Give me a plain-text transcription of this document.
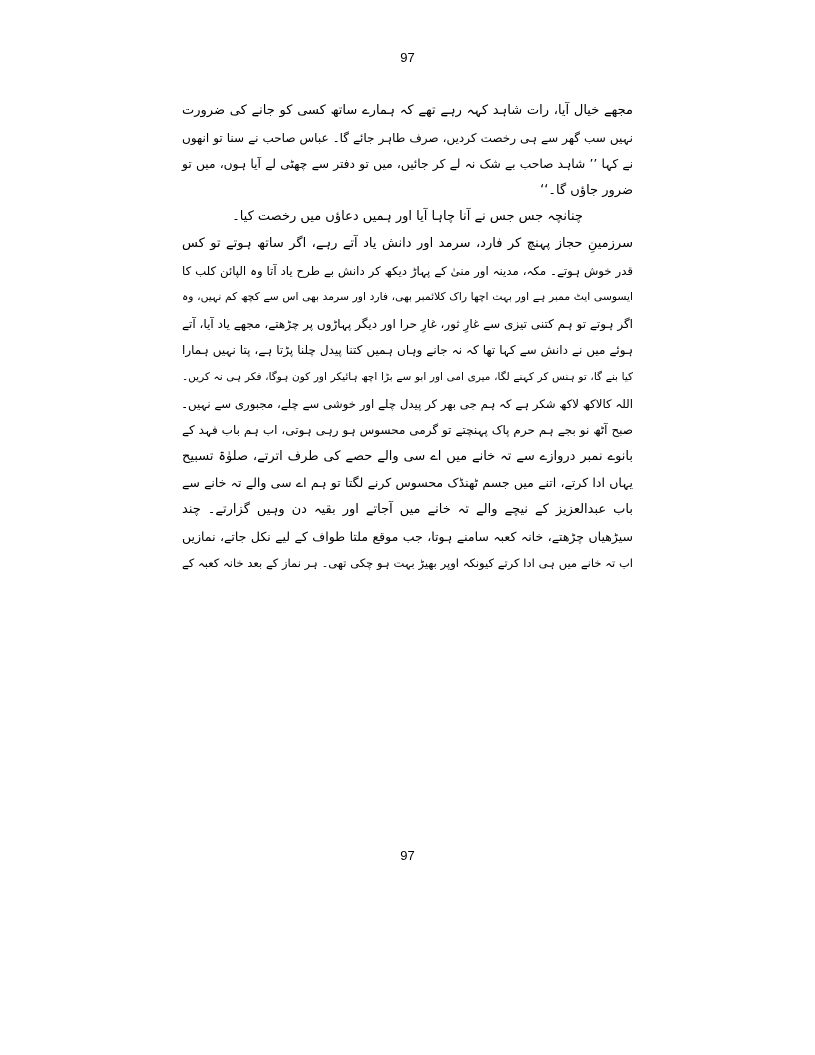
97
مجھے خیال آیا، رات شاہد کہہ رہے تھے کہ ہمارے ساتھ کسی کو جانے کی ضرورت
نہیں سب گھر سے ہی رخصت کردیں، صرف طاہر جائے گا۔ عباس صاحب نے سنا تو انھوں
نے کہا ’’ شاہد صاحب بے شک نہ لے کر جائیں، میں تو دفتر سے چھٹی لے آیا ہوں، میں تو
ضرور جاؤں گا۔‘‘
چنانچہ جس جس نے آنا چاہا آیا اور ہمیں دعاؤں میں رخصت کیا۔
سرزمینِ حجاز پہنچ کر فارد، سرمد اور دانش یاد آتے رہے، اگر ساتھ ہوتے تو کس
قدر خوش ہوتے۔ مکہ، مدینہ اور منیٰ کے پہاڑ دیکھ کر دانش بے طرح یاد آتا وہ الپائن کلب کا
ایسوسی ایٹ ممبر ہے اور بہت اچھا راک کلائمبر بھی، فارد اور سرمد بھی اس سے کچھ کم نہیں، وہ
اگر ہوتے تو ہم کتنی تیزی سے غارِ ثور، غارِ حرا اور دیگر پہاڑوں پر چڑھتے، مجھے یاد آیا، آتے
ہوئے میں نے دانش سے کہا تھا کہ نہ جانے وہاں ہمیں کتنا پیدل چلنا پڑتا ہے، پتا نہیں ہمارا
کیا بنے گا، تو ہنس کر کہنے لگا، میری امی اور ابو سے بڑا اچھ ہائیکر اور کون ہوگا، فکر ہی نہ کریں۔
اللہ کالاکھ لاکھ شکر ہے کہ ہم جی بھر کر پیدل چلے اور خوشی سے چلے، مجبوری سے نہیں۔
صبح آٹھ نو بجے ہم حرم پاک پہنچتے تو گرمی محسوس ہو رہی ہوتی، اب ہم باب فہد کے
بانوے نمبر دروازے سے تہ خانے میں اے سی والے حصے کی طرف اترتے، صلوٰۃ تسبیح
یہاں ادا کرتے، اتنے میں جسم ٹھنڈک محسوس کرنے لگتا تو ہم اے سی والے تہ خانے سے
باب عبدالعزیز کے نیچے والے تہ خانے میں آجاتے اور بقیہ دن وہیں گزارتے۔ چند
سیڑھیاں چڑھتے، خانہ کعبہ سامنے ہوتا، جب موقع ملتا طواف کے لیے نکل جاتے، نمازیں
اب تہ خانے میں ہی ادا کرتے کیونکہ اوپر بھیڑ بہت ہو چکی تھی۔ ہر نماز کے بعد خانہ کعبہ کے
97
